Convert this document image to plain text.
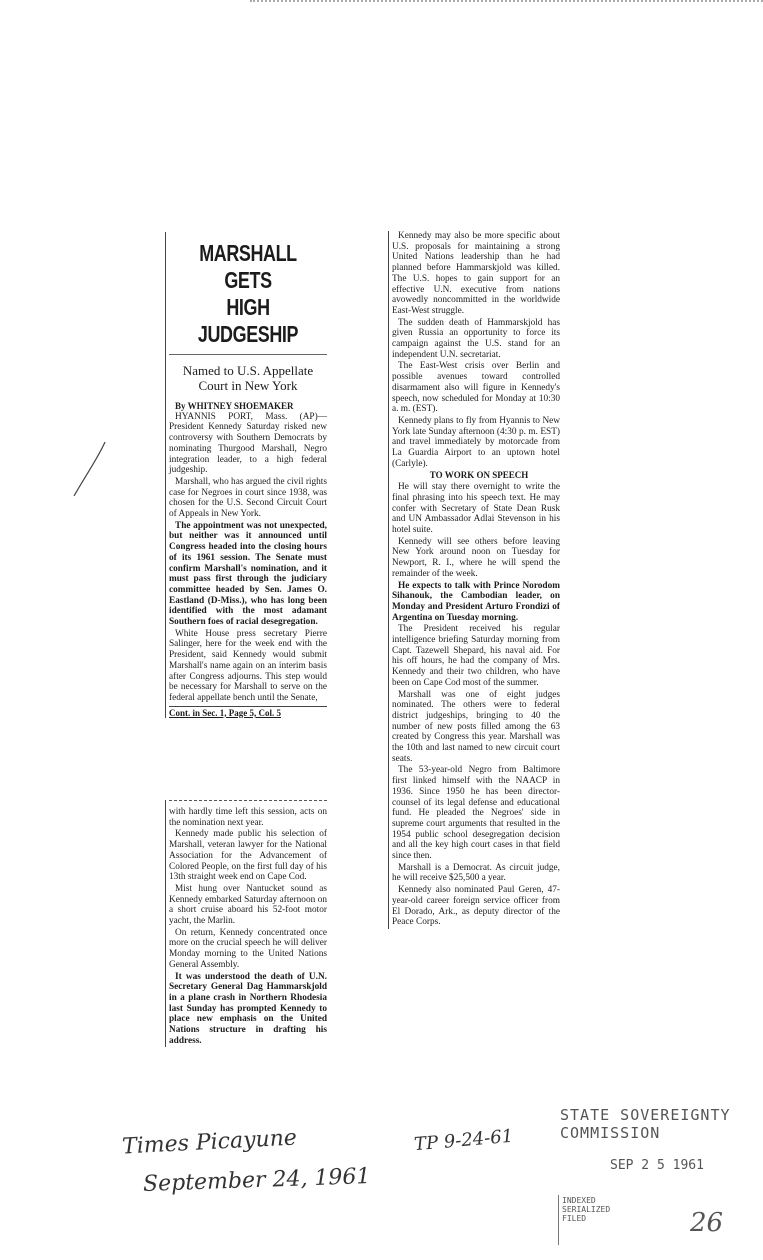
MARSHALL GETS
HIGH JUDGESHIP
Named to U.S. Appellate
Court in New York
By WHITNEY SHOEMAKER

HYANNIS PORT, Mass. (AP)— President Kennedy Saturday risked new controversy with Southern Democrats by nominating Thurgood Marshall, Negro integration leader, to a high federal judgeship.

Marshall, who has argued the civil rights case for Negroes in court since 1938, was chosen for the U.S. Second Circuit Court of Appeals in New York.

The appointment was not unexpected, but neither was it announced until Congress headed into the closing hours of its 1961 session. The Senate must confirm Marshall's nomination, and it must pass first through the judiciary committee headed by Sen. James O. Eastland (D-Miss.), who has long been identified with the most adamant Southern foes of racial desegregation.

White House press secretary Pierre Salinger, here for the week end with the President, said Kennedy would submit Marshall's name again on an interim basis after Congress adjourns. This step would be necessary for Marshall to serve on the federal appellate bench until the Senate,

Cont. in Sec. 1, Page 5, Col. 5

with hardly time left this session, acts on the nomination next year.

Kennedy made public his selection of Marshall, veteran lawyer for the National Association for the Advancement of Colored People, on the first full day of his 13th straight week end on Cape Cod.

Mist hung over Nantucket sound as Kennedy embarked Saturday afternoon on a short cruise aboard his 52-foot motor yacht, the Marlin.

On return, Kennedy concentrated once more on the crucial speech he will deliver Monday morning to the United Nations General Assembly.

It was understood the death of U.N. Secretary General Dag Hammarskjold in a plane crash in Northern Rhodesia last Sunday has prompted Kennedy to place new emphasis on the United Nations structure in drafting his address.

Kennedy may also be more specific about U.S. proposals for maintaining a strong United Nations leadership than he had planned before Hammarskjold was killed. The U.S. hopes to gain support for an effective U.N. executive from nations avowedly noncommitted in the worldwide East-West struggle.

The sudden death of Hammarskjold has given Russia an opportunity to force its campaign against the U.S. stand for an independent U.N. secretariat.

The East-West crisis over Berlin and possible avenues toward controlled disarmament also will figure in Kennedy's speech, now scheduled for Monday at 10:30 a. m. (EST).

Kennedy plans to fly from Hyannis to New York late Sunday afternoon (4:30 p. m. EST) and travel immediately by motorcade from La Guardia Airport to an uptown hotel (Carlyle).

TO WORK ON SPEECH

He will stay there overnight to write the final phrasing into his speech text. He may confer with Secretary of State Dean Rusk and UN Ambassador Adlai Stevenson in his hotel suite.

Kennedy will see others before leaving New York around noon on Tuesday for Newport, R. I., where he will spend the remainder of the week.

He expects to talk with Prince Norodom Sihanouk, the Cambodian leader, on Monday and President Arturo Frondizi of Argentina on Tuesday morning.

The President received his regular intelligence briefing Saturday morning from Capt. Tazewell Shepard, his naval aid. For his off hours, he had the company of Mrs. Kennedy and their two children, who have been on Cape Cod most of the summer.

Marshall was one of eight judges nominated. The others were to federal district judgeships, bringing to 40 the number of new posts filled among the 63 created by Congress this year. Marshall was the 10th and last named to new circuit court seats.

The 53-year-old Negro from Baltimore first linked himself with the NAACP in 1936. Since 1950 he has been director-counsel of its legal defense and educational fund. He pleaded the Negroes' side in supreme court arguments that resulted in the 1954 public school desegregation decision and all the key high court cases in that field since then.

Marshall is a Democrat. As circuit judge, he will receive $25,500 a year.

Kennedy also nominated Paul Geren, 47-year-old career foreign service officer from El Dorado, Ark., as deputy director of the Peace Corps.

Times Picayune
September 24, 1961
TP 9-24-61
STATE SOVEREIGNTY COMMISSION
SEP 2 5 1961
INDEXED
SERIALIZED
FILED	26
